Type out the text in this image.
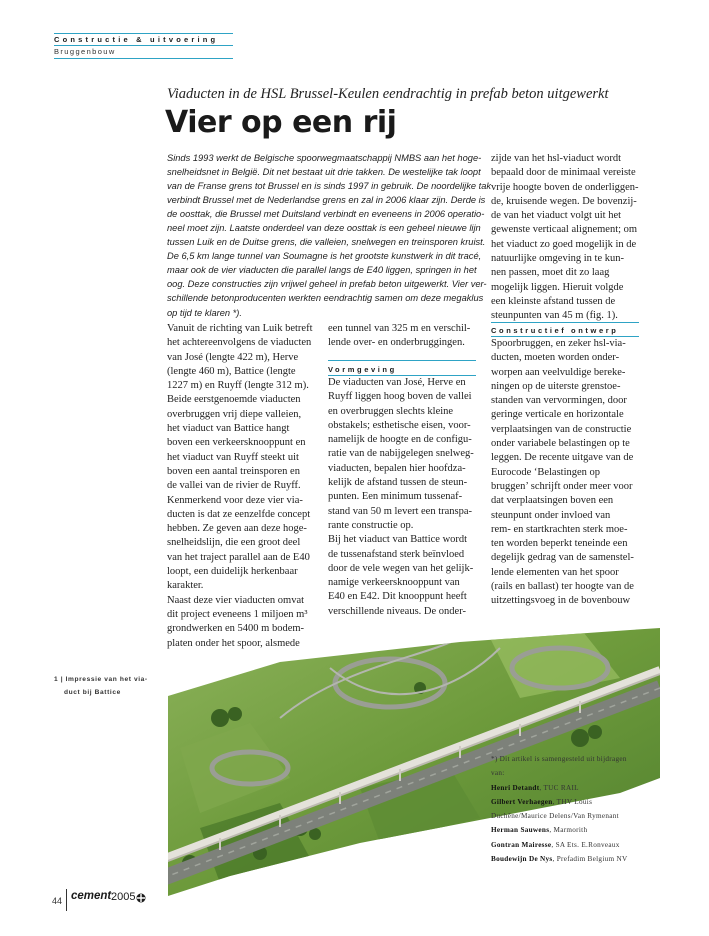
Constructie & uitvoering
Bruggenbouw
Viaducten in de HSL Brussel-Keulen eendrachtig in prefab beton uitgewerkt
Vier op een rij
Sinds 1993 werkt de Belgische spoorwegmaatschappij NMBS aan het hoge-
snelheidsnet in België. Dit net bestaat uit drie takken. De westelijke tak loopt
van de Franse grens tot Brussel en is sinds 1997 in gebruik. De noordelijke tak
verbindt Brussel met de Nederlandse grens en zal in 2006 klaar zijn. Derde is
de oosttak, die Brussel met Duitsland verbindt en eveneens in 2006 operatio-
neel moet zijn. Laatste onderdeel van deze oosttak is een geheel nieuwe lijn
tussen Luik en de Duitse grens, die valleien, snelwegen en treinsporen kruist.
De 6,5 km lange tunnel van Soumagne is het grootste kunstwerk in dit tracé,
maar ook de vier viaducten die parallel langs de E40 liggen, springen in het
oog. Deze constructies zijn vrijwel geheel in prefab beton uitgewerkt. Vier ver-
schillende betonproducenten werkten eendrachtig samen om deze megaklus
op tijd te klaren *).
Vanuit de richting van Luik betreft
het achtereenvolgens de viaducten
van José (lengte 422 m), Herve
(lengte 460 m), Battice (lengte
1227 m) en Ruyff (lengte 312 m).
Beide eerstgenoemde viaducten
overbruggen vrij diepe valleien,
het viaduct van Battice hangt
boven een verkeersknooppunt en
het viaduct van Ruyff steekt uit
boven een aantal treinsporen en
de vallei van de rivier de Ruyff.
Kenmerkend voor deze vier via-
ducten is dat ze eenzelfde concept
hebben. Ze geven aan deze hoge-
snelheidslijn, die een groot deel
van het traject parallel aan de E40
loopt, een duidelijk herkenbaar
karakter.
Naast deze vier viaducten omvat
dit project eveneens 1 miljoen m³
grondwerken en 5400 m bodem-
platen onder het spoor, alsmede
een tunnel van 325 m en verschil-
lende over- en onderbruggingen.
Vormgeving
De viaducten van José, Herve en
Ruyff liggen hoog boven de vallei
en overbruggen slechts kleine
obstakels; esthetische eisen, voor-
namelijk de hoogte en de configu-
ratie van de nabijgelegen snelweg-
viaducten, bepalen hier hoofdza-
kelijk de afstand tussen de steun-
punten. Een minimum tussenaf-
stand van 50 m levert een transpa-
rante constructie op.
Bij het viaduct van Battice wordt
de tussenafstand sterk beïnvloed
door de vele wegen van het gelijk-
namige verkeersknooppunt van
E40 en E42. Dit knooppunt heeft
verschillende niveaus. De onder-
zijde van het hsl-viaduct wordt
bepaald door de minimaal vereiste
vrije hoogte boven de onderliggen-
de, kruisende wegen. De bovenzij-
de van het viaduct volgt uit het
gewenste verticaal alignement; om
het viaduct zo goed mogelijk in de
natuurlijke omgeving in te kun-
nen passen, moet dit zo laag
mogelijk liggen. Hieruit volgde
een kleinste afstand tussen de
steunpunten van 45 m (fig. 1).
Constructief ontwerp
Spoorbruggen, en zeker hsl-via-
ducten, moeten worden onder-
worpen aan veelvuldige bereke-
ningen op de uiterste grenstoe-
standen van vervormingen, door
geringe verticale en horizontale
verplaatsingen van de constructie
onder variabele belastingen op te
leggen. De recente uitgave van de
Eurocode ‘Belastingen op
bruggen’ schrijft onder meer voor
dat verplaatsingen boven een
steunpunt onder invloed van
rem- en startkrachten sterk moe-
ten worden beperkt teneinde een
degelijk gedrag van de samenstel-
lende elementen van het spoor
(rails en ballast) ter hoogte van de
uitzettingsvoeg in de bovenbouw
1 | Impressie van het via-
duct bij Battice
*) Dit artikel is samengesteld uit bijdragen
van:
Henri Detandt, TUC RAIL
Gilbert Verhaegen, THV Louis
Duchêne/Maurice Delens/Van Rymenant
Herman Sauwens, Marmorith
Gontran Mairesse, SA Ets. E.Ronveaux
Boudewijn De Nys, Prefadim Belgium NV
44 cement 2005
